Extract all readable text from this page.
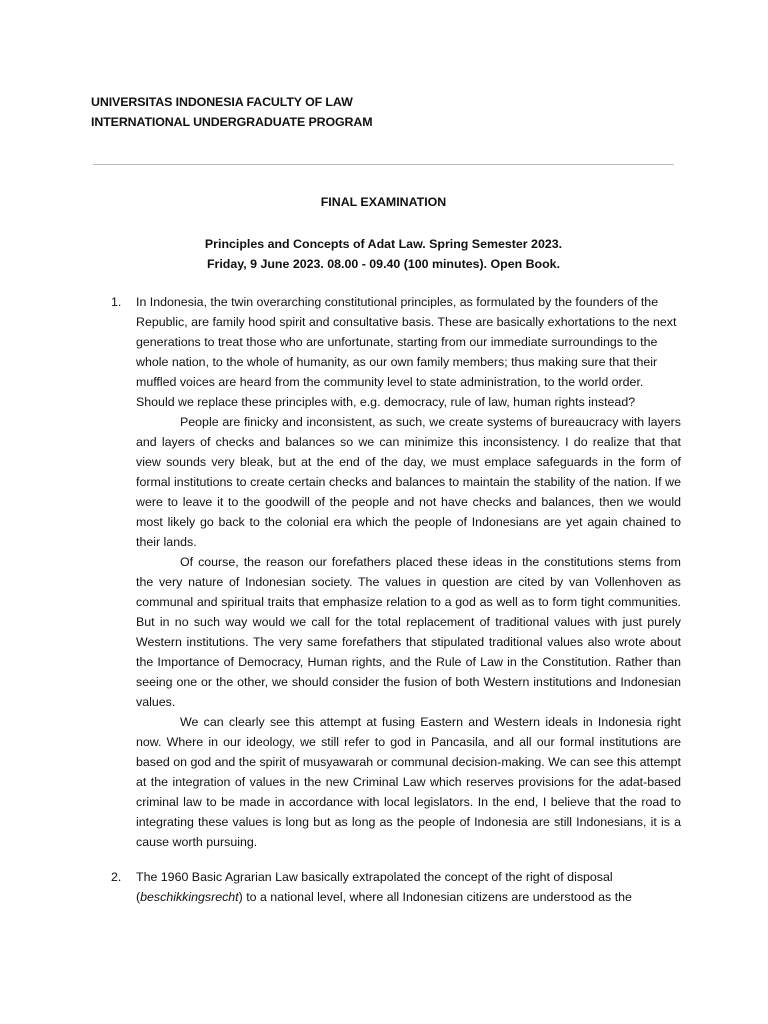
UNIVERSITAS INDONESIA FACULTY OF LAW
INTERNATIONAL UNDERGRADUATE PROGRAM
FINAL EXAMINATION
Principles and Concepts of Adat Law. Spring Semester 2023.
Friday, 9 June 2023. 08.00 - 09.40 (100 minutes). Open Book.
1.	In Indonesia, the twin overarching constitutional principles, as formulated by the founders of the Republic, are family hood spirit and consultative basis. These are basically exhortations to the next generations to treat those who are unfortunate, starting from our immediate surroundings to the whole nation, to the whole of humanity, as our own family members; thus making sure that their muffled voices are heard from the community level to state administration, to the world order. Should we replace these principles with, e.g. democracy, rule of law, human rights instead?

People are finicky and inconsistent, as such, we create systems of bureaucracy with layers and layers of checks and balances so we can minimize this inconsistency. I do realize that that view sounds very bleak, but at the end of the day, we must emplace safeguards in the form of formal institutions to create certain checks and balances to maintain the stability of the nation. If we were to leave it to the goodwill of the people and not have checks and balances, then we would most likely go back to the colonial era which the people of Indonesians are yet again chained to their lands.

Of course, the reason our forefathers placed these ideas in the constitutions stems from the very nature of Indonesian society. The values in question are cited by van Vollenhoven as communal and spiritual traits that emphasize relation to a god as well as to form tight communities. But in no such way would we call for the total replacement of traditional values with just purely Western institutions. The very same forefathers that stipulated traditional values also wrote about the Importance of Democracy, Human rights, and the Rule of Law in the Constitution. Rather than seeing one or the other, we should consider the fusion of both Western institutions and Indonesian values.

We can clearly see this attempt at fusing Eastern and Western ideals in Indonesia right now. Where in our ideology, we still refer to god in Pancasila, and all our formal institutions are based on god and the spirit of musyawarah or communal decision-making. We can see this attempt at the integration of values in the new Criminal Law which reserves provisions for the adat-based criminal law to be made in accordance with local legislators. In the end, I believe that the road to integrating these values is long but as long as the people of Indonesia are still Indonesians, it is a cause worth pursuing.

2.	The 1960 Basic Agrarian Law basically extrapolated the concept of the right of disposal (beschikkingsrecht) to a national level, where all Indonesian citizens are understood as the
